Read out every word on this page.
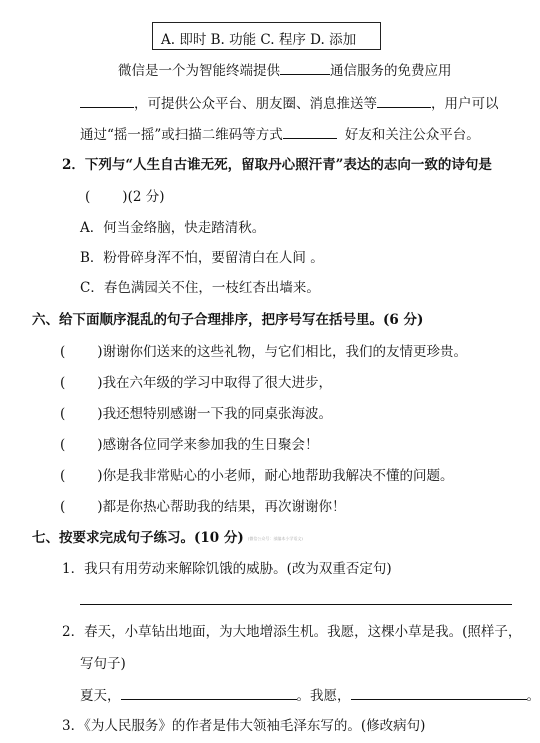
A. 即时 B. 功能 C. 程序 D. 添加
微信是一个为智能终端提供	通信服务的免费应用
，可提供公众平台、朋友圈、消息推送等	，用户可以
通过“摇一摇”或扫描二维码等方式	好友和关注公众平台。
2．下列与“人生自古谁无死，留取丹心照汗青”表达的志向一致的诗句是
( )(2 分)
A．何当金络脑，快走踏清秋。
B．粉骨碎身浑不怕，要留清白在人间 。
C．春色满园关不住，一枝红杏出墙来。
六、给下面顺序混乱的句子合理排序，把序号写在括号里。(6 分)
( )谢谢你们送来的这些礼物，与它们相比，我们的友情更珍贵。
( )我在六年级的学习中取得了很大进步，
( )我还想特别感谢一下我的同桌张海波。
( )感谢各位同学来参加我的生日聚会！
( )你是我非常贴心的小老师，耐心地帮助我解决不懂的问题。
( )都是你热心帮助我的结果，再次谢谢你！
七、按要求完成句子练习。(10 分) (微信公众号：部编本小学语文)
1．我只有用劳动来解除饥饿的威胁。(改为双重否定句)
2．春天，小草钻出地面，为大地增添生机。我愿，这棵小草是我。(照样子，
写句子)
夏天，	。我愿，	。
3．《为人民服务》的作者是伟大领袖毛泽东写的。(修改病句)
